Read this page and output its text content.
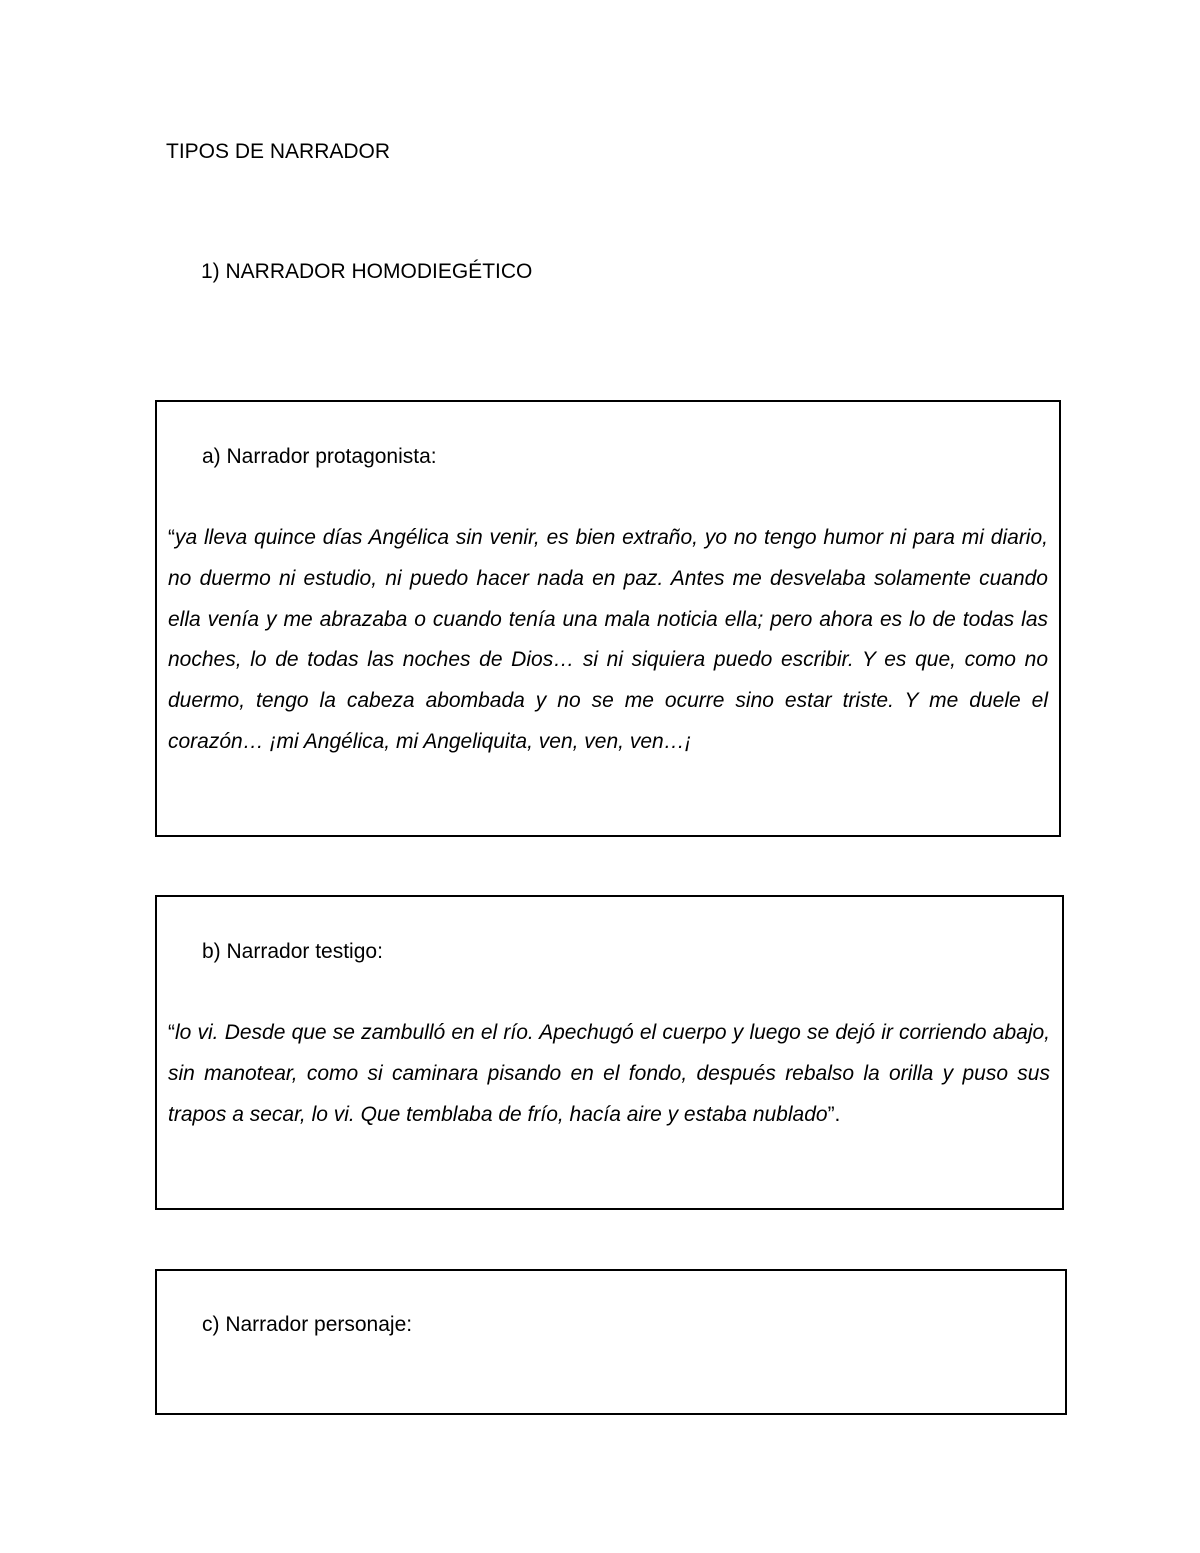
TIPOS DE NARRADOR
1) NARRADOR HOMODIEGÉTICO

a) Narrador protagonista:

“ya lleva quince días Angélica sin venir, es bien extraño, yo no tengo humor ni para mi diario, no duermo ni estudio, ni puedo hacer nada en paz. Antes me desvelaba solamente cuando ella venía y me abrazaba o cuando tenía una mala noticia ella; pero ahora es lo de todas las noches, lo de todas las noches de Dios… si ni siquiera puedo escribir. Y es que, como no duermo, tengo la cabeza abombada y no se me ocurre sino estar triste. Y me duele el corazón… ¡mi Angélica, mi Angeliquita, ven, ven, ven…¡

b) Narrador testigo:

“lo vi. Desde que se zambulló en el río. Apechugó el cuerpo y luego se dejó ir corriendo abajo, sin manotear, como si caminara pisando en el fondo, después rebalso la orilla y puso sus trapos a secar, lo vi. Que temblaba de frío, hacía aire y estaba nublado”.

c) Narrador personaje:
